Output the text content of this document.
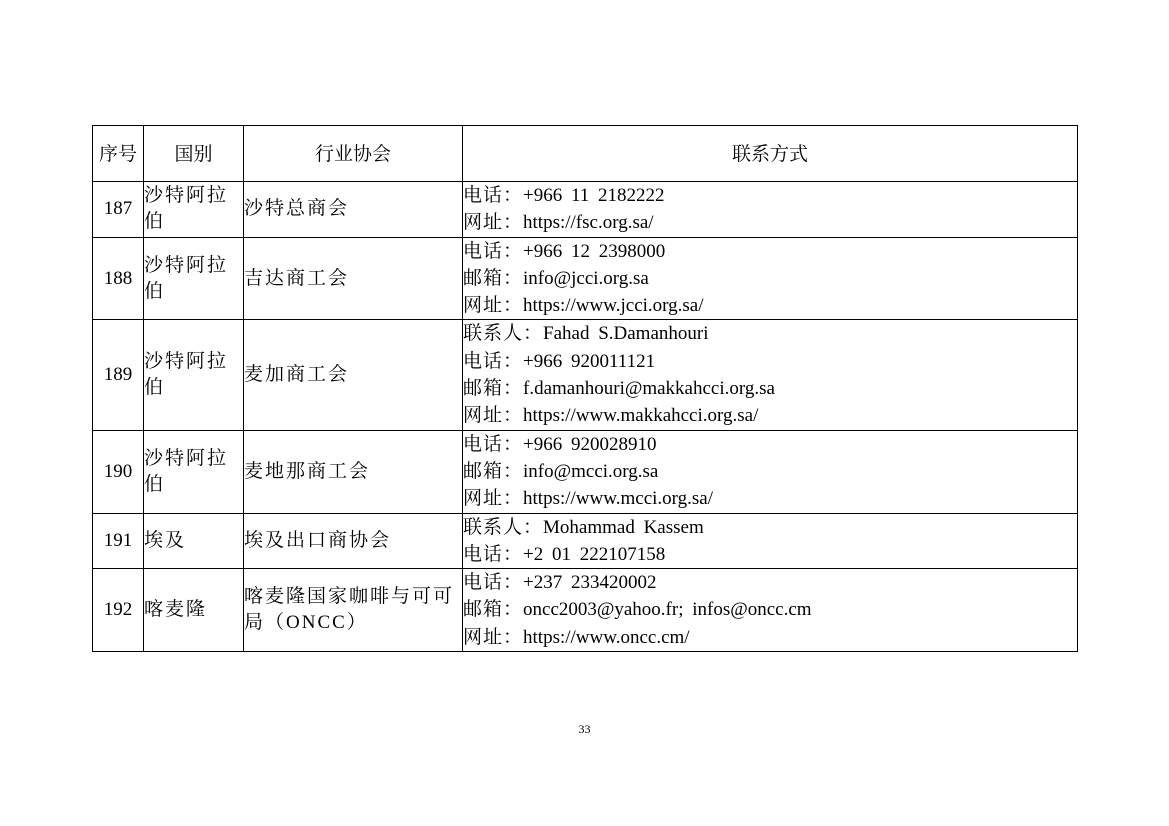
序号	国别	行业协会	联系方式
187	沙特阿拉伯	沙特总商会	电话：+966 11 2182222
网址：https://fsc.org.sa/

188	沙特阿拉伯	吉达商工会	电话：+966 12 2398000
邮箱：info@jcci.org.sa
网址：https://www.jcci.org.sa/

189	沙特阿拉伯	麦加商工会	联系人：Fahad S.Damanhouri
电话：+966 920011121
邮箱：f.damanhouri@makkahcci.org.sa
网址：https://www.makkahcci.org.sa/

190	沙特阿拉伯	麦地那商工会	电话：+966 920028910
邮箱：info@mcci.org.sa
网址：https://www.mcci.org.sa/

191	埃及	埃及出口商协会	联系人：Mohammad Kassem
电话：+2 01 222107158

192	喀麦隆	喀麦隆国家咖啡与可可局（ONCC）	电话：+237 233420002
邮箱：oncc2003@yahoo.fr; infos@oncc.cm
网址：https://www.oncc.cm/
33
